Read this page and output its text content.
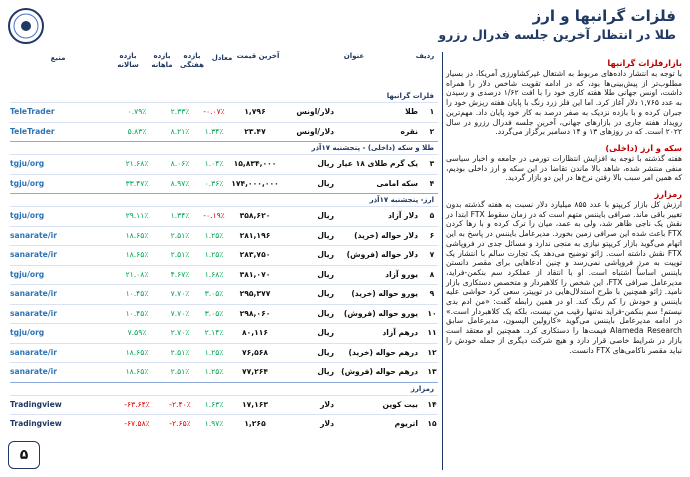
فلزات گرانبها و ارز
طلا در انتظار آخرین جلسه فدرال رزرو
ردیف
عنوان
آخرین قیمت
معادل
بازده هفتگی
بازده ماهانه
بازده سالانه
منبع
فلزات گرانبها
۱
طلا
دلار/اونس
۱,۷۹۶
-۰.۰۷٪
۲.۳۳٪
۰.۷۹٪
TeleTrader
۲
نقره
دلار/اونس
۲۳.۴۷
۱.۳۴٪
۸.۲۱٪
۵.۸۳٪
TeleTrader
طلا و سکه (داخلی) - پنجشنبه ۱۷آذر
۳
یک گرم طلای ۱۸ عیار
ریال
۱۵,۸۳۴,۰۰۰
۱.۰۴٪
۸.۰۶٪
۲۱.۶۸٪
tgju/org
۴
سکه امامی
ریال
۱۷۴,۰۰۰,۰۰۰
۰.۳۶٪
۸.۹۷٪
۳۳.۴۷٪
tgju/org
ارز- پنجشنبه ۱۷آذر
۵
دلار آزاد
ریال
۳۵۸,۶۲۰
-۰.۱۹٪
۱.۳۴٪
۲۹.۱۱٪
tgju/org
۶
دلار حواله (خرید)
ریال
۲۸۱,۱۹۶
۱.۲۵٪
۲.۵۱٪
۱۸.۶۵٪
sanarate/ir
۷
دلار حواله (فروش)
ریال
۲۸۳,۷۵۰
۱.۲۵٪
۲.۵۱٪
۱۸.۶۵٪
sanarate/ir
۸
یورو آزاد
ریال
۳۸۱,۰۷۰
۱.۶۸٪
۴.۶۷٪
۲۱.۰۸٪
tgju/org
۹
یورو حواله (خرید)
ریال
۲۹۵,۳۷۷
۳.۰۵٪
۷.۷۰٪
۱۰.۴۵٪
sanarate/ir
۱۰
یورو حواله (فروش)
ریال
۲۹۸,۰۶۰
۳.۰۵٪
۷.۷۰٪
۱۰.۴۵٪
sanarate/ir
۱۱
درهم آزاد
ریال
۸۰,۱۱۶
۲.۱۴٪
۲.۷۰٪
۷.۵۹٪
tgju/org
۱۲
درهم حواله (خرید)
ریال
۷۶,۵۶۸
۱.۲۵٪
۲.۵۱٪
۱۸.۶۵٪
sanarate/ir
۱۳
درهم حواله (فروش)
ریال
۷۷,۲۶۴
۱.۲۵٪
۲.۵۱٪
۱۸.۶۵٪
sanarate/ir
رمزارز
۱۴
بیت کوین
دلار
۱۷,۱۶۳
۱.۶۳٪
-۲.۴۰٪
-۶۳.۶۴٪
Tradingview
۱۵
اتریوم
دلار
۱,۲۶۵
۱.۹۷٪
-۲.۶۵٪
-۶۷.۵۸٪
Tradingview
بازارفلزات گرانبها

با توجه به انتشار داده‌های مربوط به اشتغال غیرکشاورزی آمریکا، در بسیار مطلوب‌تر از پیش‌بینی‌ها بود، که در ادامه تقویت شاخص دلار را همراه داشت، اونس جهانی طلا هفته کاری خود را با افت ۱/۶۲ درصدی و رسیدن به عدد ۱,۷۶۵ دلار آغاز کرد. اما این فلز زرد رنگ با پایان هفته ریزش خود را جبران کرده و با بازده نزدیک به صفر درصد به کار خود پایان داد. مهم‌ترین رویداد هفته جاری در بازارهای جهانی، آخرین جلسه فدرال رزرو در سال ۲۰۲۲ است. که در روزهای ۱۳ و ۱۴ دسامبر برگزار می‌گردد.

سکه و ارز (داخلی)

هفته گذشته با توجه به افزایش انتظارات تورمی در جامعه و اخبار سیاسی منفی منتشر شده، شاهد بالا ماندن تقاضا در این سکه و ارز داخلی بودیم، که همین امر سبب بالا رفتن نرخ‌ها در این دو بازار گردید.

رمزارز

ارزش کل بازار کریپتو با عدد ۸۵۵ میلیارد دلار نسبت به هفته گذشته بدون تغییر باقی ماند. صرافی بایننس متهم است که در زمان سقوط FTX ابتدا در نقش یک ناجی ظاهر شد، ولی به عمد، میان را ترک کرده و با رها کردن FTX باعث شده این صرافی زمین بخورد. مدیرعامل بایننس در پاسخ به این اتهام می‌گوید بازار کریپتو نیازی به منجی ندارد و مسائل جدی در فروپاشی FTX نقش داشته است. ژائو توضیح می‌دهد یک تجارت سالم با انتشار یک توییت به مرز فروپاشی نمی‌رسد و چنین ادعاهایی برای مقصر دانستن بایننس اساساً اشتباه است. او با انتقاد از عملکرد سم بنکمن-فرايد، مدیرعامل صرافی FTX، این شخص را کلاهبردار و متخصص دستکاری بازار نامید. ژائو همچنین با طرح استدلال‌هایی در توییتر، سعی کرد حواشی علیه بایننس و خودش را کم رنگ کند. او در همین رابطه گفت: «من ادم بدی نیستم! سم بنکمن-فراید نه‌تنها رقیب من نیست، بلکه یک کلاهبردار است.» در ادامه مدیرعامل بایننس می‌گوید «کارولین الیسون، مدیرعامل سابق Alameda Research فیمت‌ها را دستکاری کرد. همچنین او معتقد است بازار در شرایط خاصی قرار دارد و هیچ شرکت دیگری از جمله خودش را نباید مقصر ناکامی‌های FTX دانست.

۵
